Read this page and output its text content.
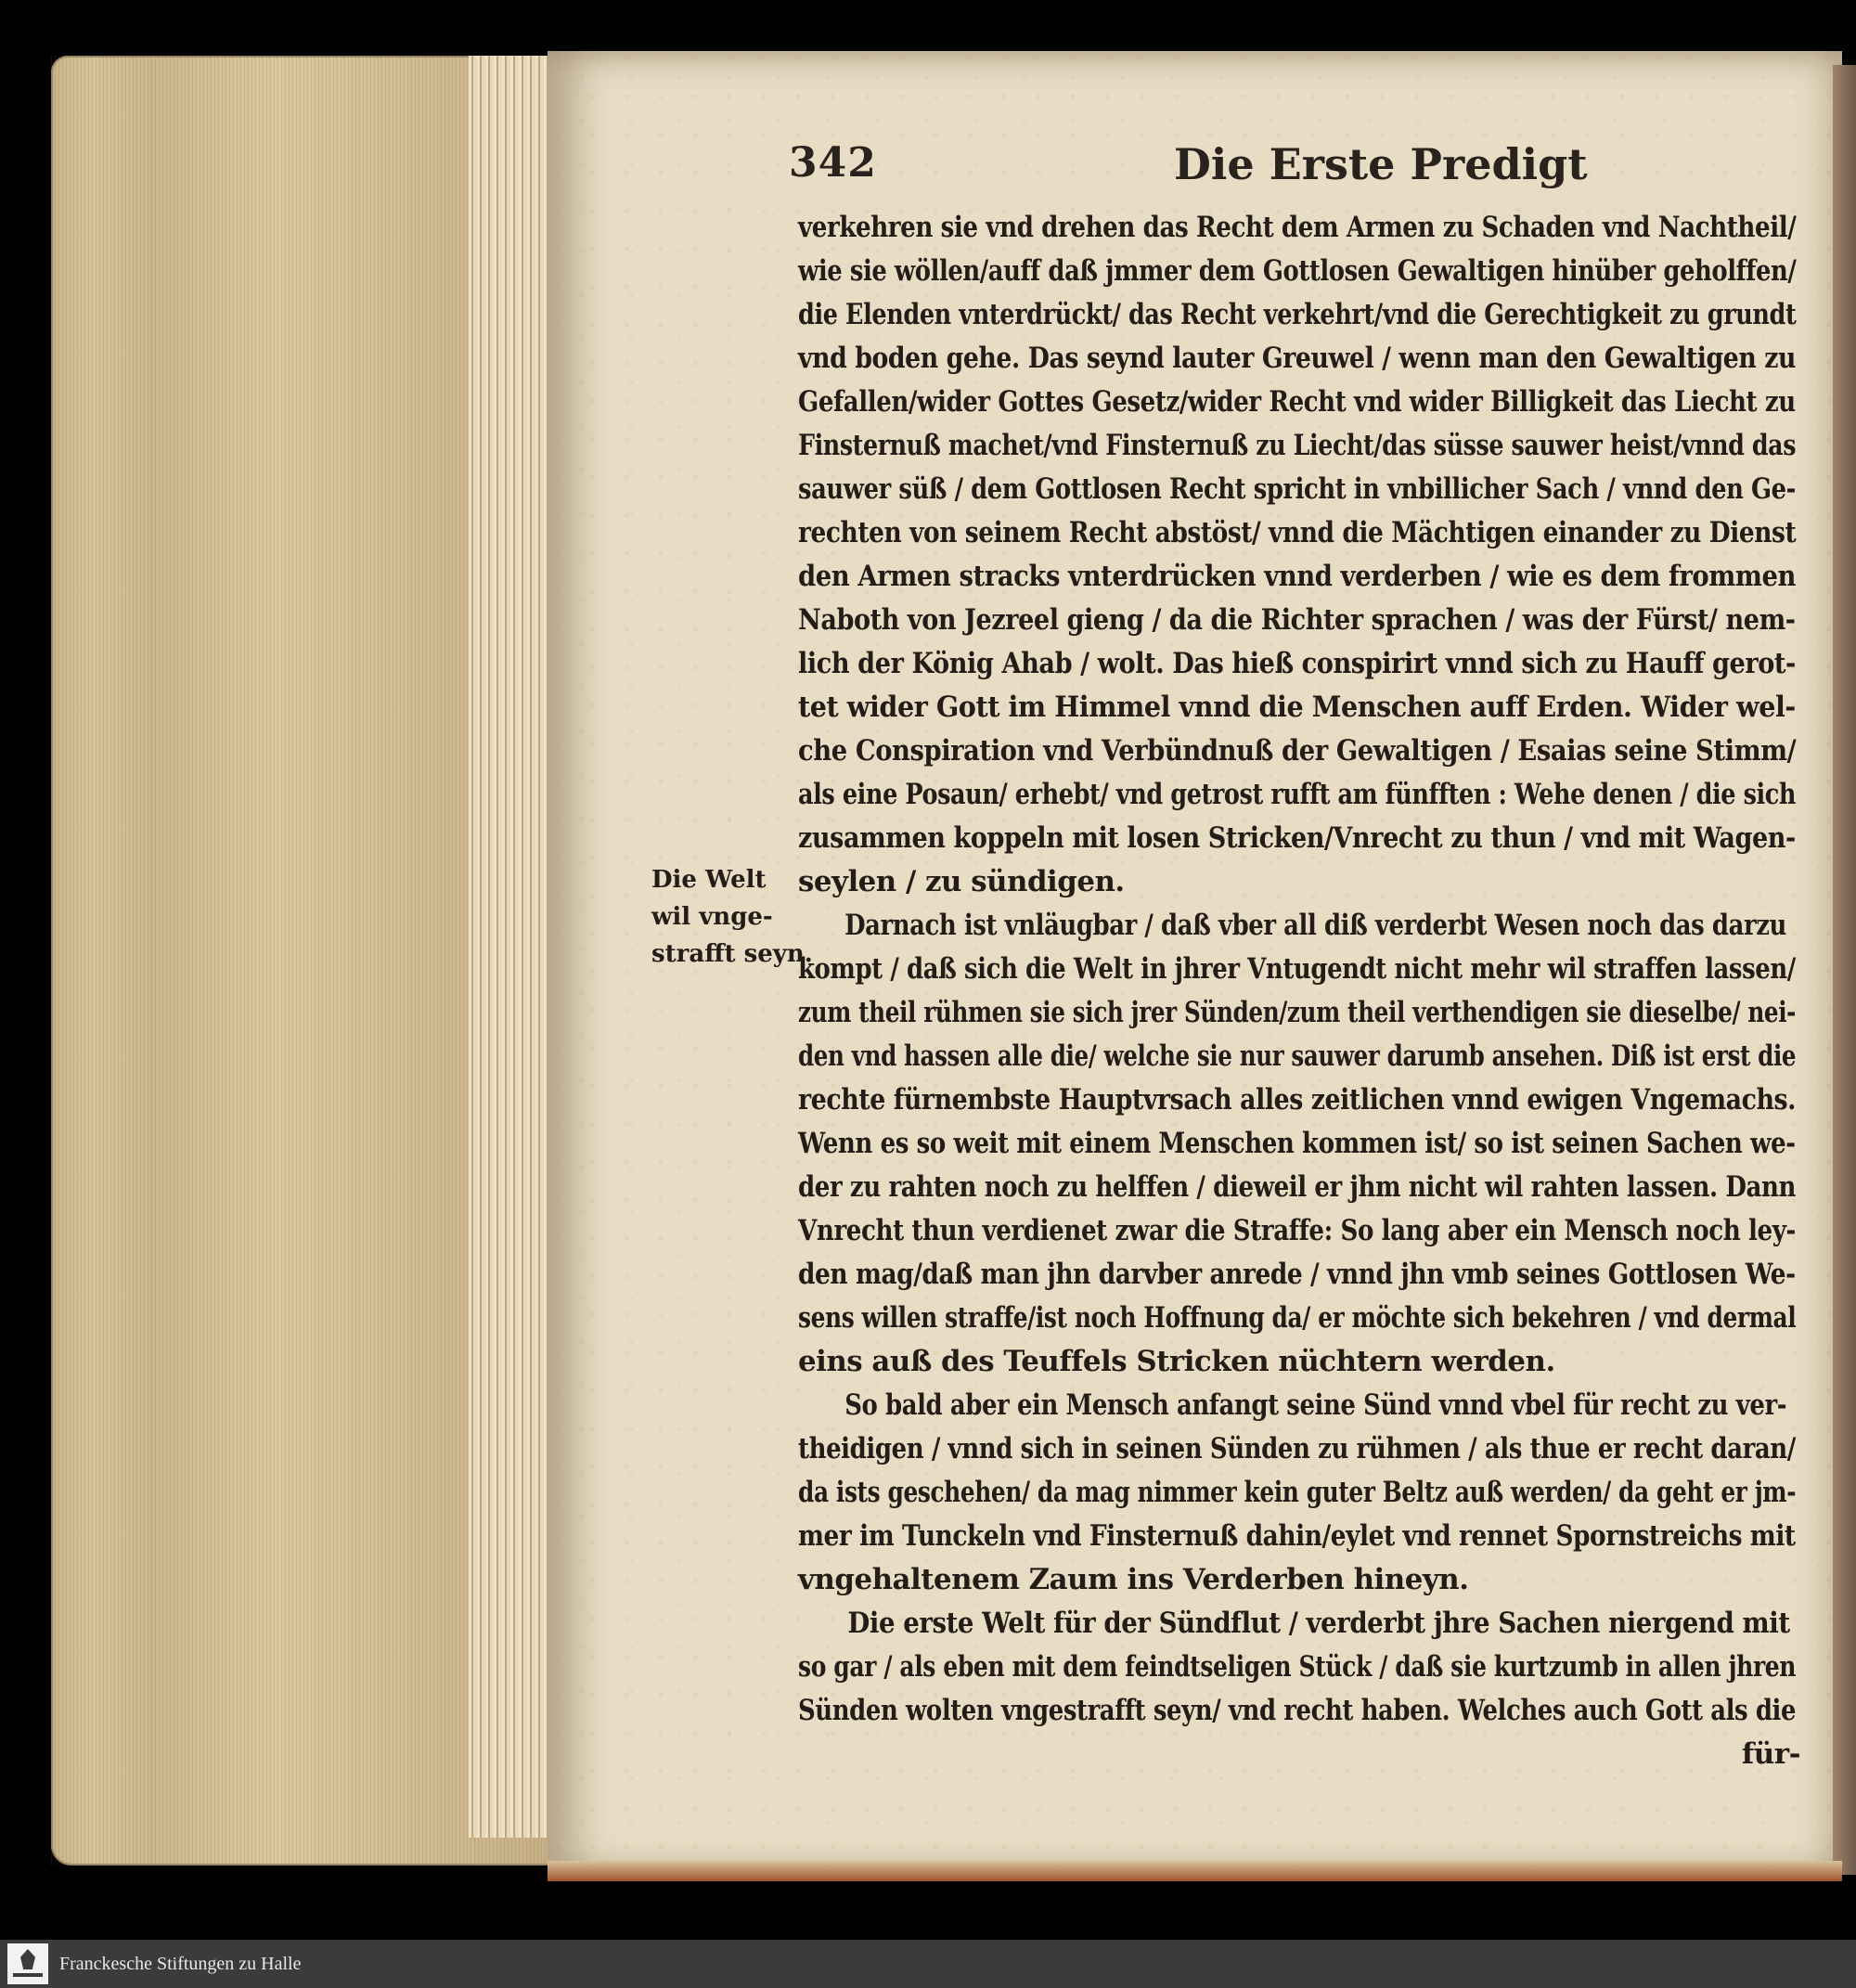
342	Die Erste Predigt
Die Welt
wil vnge-
strafft seyn.
verkehren sie vnd drehen das Recht dem Armen zu Schaden vnd Nachtheil/
wie sie wöllen/auff daß jmmer dem Gottlosen Gewaltigen hinüber geholffen/
die Elenden vnterdrückt/ das Recht verkehrt/vnd die Gerechtigkeit zu grundt
vnd boden gehe. Das seynd lauter Greuwel / wenn man den Gewaltigen zu
Gefallen/wider Gottes Gesetz/wider Recht vnd wider Billigkeit das Liecht zu
Finsternuß machet/vnd Finsternuß zu Liecht/das süsse sauwer heist/vnnd das
sauwer süß / dem Gottlosen Recht spricht in vnbillicher Sach / vnnd den Ge-
rechten von seinem Recht abstöst/ vnnd die Mächtigen einander zu Dienst
den Armen stracks vnterdrücken vnnd verderben / wie es dem frommen
Naboth von Jezreel gieng / da die Richter sprachen / was der Fürst/ nem-
lich der König Ahab / wolt. Das hieß conspirirt vnnd sich zu Hauff gerot-
tet wider Gott im Himmel vnnd die Menschen auff Erden. Wider wel-
che Conspiration vnd Verbündnuß der Gewaltigen / Esaias seine Stimm/
als eine Posaun/ erhebt/ vnd getrost rufft am fünfften : Wehe denen / die sich
zusammen koppeln mit losen Stricken/Vnrecht zu thun / vnd mit Wagen-
seylen / zu sündigen.
Darnach ist vnläugbar / daß vber all diß verderbt Wesen noch das darzu
kompt / daß sich die Welt in jhrer Vntugendt nicht mehr wil straffen lassen/
zum theil rühmen sie sich jrer Sünden/zum theil verthendigen sie dieselbe/ nei-
den vnd hassen alle die/ welche sie nur sauwer darumb ansehen. Diß ist erst die
rechte fürnembste Hauptvrsach alles zeitlichen vnnd ewigen Vngemachs.
Wenn es so weit mit einem Menschen kommen ist/ so ist seinen Sachen we-
der zu rahten noch zu helffen / dieweil er jhm nicht wil rahten lassen. Dann
Vnrecht thun verdienet zwar die Straffe: So lang aber ein Mensch noch ley-
den mag/daß man jhn darvber anrede / vnnd jhn vmb seines Gottlosen We-
sens willen straffe/ist noch Hoffnung da/ er möchte sich bekehren / vnd dermal
eins auß des Teuffels Stricken nüchtern werden.
So bald aber ein Mensch anfangt seine Sünd vnnd vbel für recht zu ver-
theidigen / vnnd sich in seinen Sünden zu rühmen / als thue er recht daran/
da ists geschehen/ da mag nimmer kein guter Beltz auß werden/ da geht er jm-
mer im Tunckeln vnd Finsternuß dahin/eylet vnd rennet Spornstreichs mit
vngehaltenem Zaum ins Verderben hineyn.
Die erste Welt für der Sündflut / verderbt jhre Sachen niergend mit
so gar / als eben mit dem feindtseligen Stück / daß sie kurtzumb in allen jhren
Sünden wolten vngestrafft seyn/ vnd recht haben. Welches auch Gott als die
für-
Franckesche Stiftungen zu Halle
